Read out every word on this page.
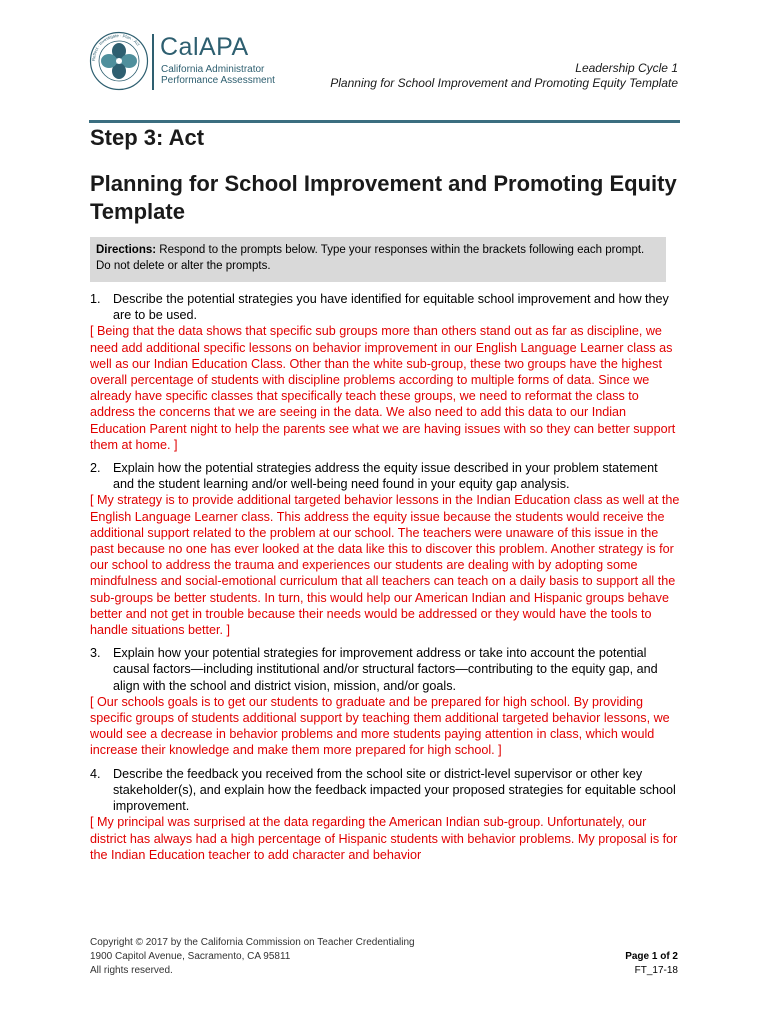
Reflect · Investigate · Plan · Act CalAPA
California Administrator
Performance Assessment
Leadership Cycle 1
Planning for School Improvement and Promoting Equity Template
Step 3: Act
Planning for School Improvement and Promoting Equity Template
Directions: Respond to the prompts below. Type your responses within the brackets following each prompt. Do not delete or alter the prompts.
1. Describe the potential strategies you have identified for equitable school improvement and how they are to be used.
[ Being that the data shows that specific sub groups more than others stand out as far as discipline, we need add additional specific lessons on behavior improvement in our English Language Learner class as well as our Indian Education Class. Other than the white sub-group, these two groups have the highest overall percentage of students with discipline problems according to multiple forms of data. Since we already have specific classes that specifically teach these groups, we need to reformat the class to address the concerns that we are seeing in the data. We also need to add this data to our Indian Education Parent night to help the parents see what we are having issues with so they can better support them at home. ]
2. Explain how the potential strategies address the equity issue described in your problem statement and the student learning and/or well-being need found in your equity gap analysis.
[ My strategy is to provide additional targeted behavior lessons in the Indian Education class as well at the English Language Learner class. This address the equity issue because the students would receive the additional support related to the problem at our school. The teachers were unaware of this issue in the past because no one has ever looked at the data like this to discover this problem. Another strategy is for our school to address the trauma and experiences our students are dealing with by adopting some mindfulness and social-emotional curriculum that all teachers can teach on a daily basis to support all the sub-groups be better students. In turn, this would help our American Indian and Hispanic groups behave better and not get in trouble because their needs would be addressed or they would have the tools to handle situations better. ]
3. Explain how your potential strategies for improvement address or take into account the potential causal factors—including institutional and/or structural factors—contributing to the equity gap, and align with the school and district vision, mission, and/or goals.
[ Our schools goals is to get our students to graduate and be prepared for high school. By providing specific groups of students additional support by teaching them additional targeted behavior lessons, we would see a decrease in behavior problems and more students paying attention in class, which would increase their knowledge and make them more prepared for high school. ]
4. Describe the feedback you received from the school site or district-level supervisor or other key stakeholder(s), and explain how the feedback impacted your proposed strategies for equitable school improvement.
[ My principal was surprised at the data regarding the American Indian sub-group. Unfortunately, our district has always had a high percentage of Hispanic students with behavior problems. My proposal is for the Indian Education teacher to add character and behavior
Copyright © 2017 by the California Commission on Teacher Credentialing
1900 Capitol Avenue, Sacramento, CA 95811
All rights reserved.
Page 1 of 2
FT_17-18
